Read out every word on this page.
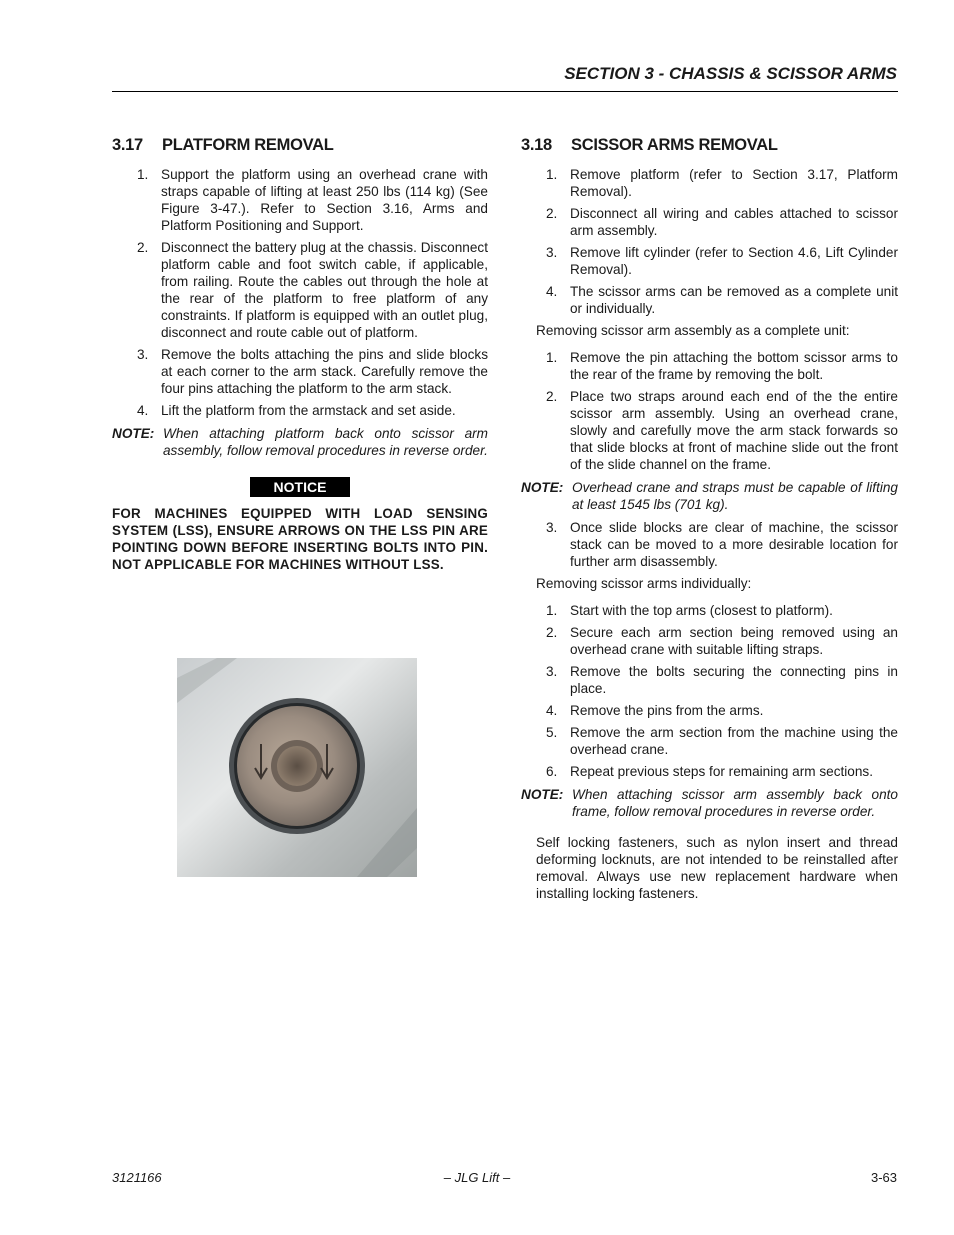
SECTION 3 - CHASSIS & SCISSOR ARMS
3.17 PLATFORM REMOVAL
1. Support the platform using an overhead crane with straps capable of lifting at least 250 lbs (114 kg) (See Figure 3-47.). Refer to Section 3.16, Arms and Platform Positioning and Support.
2. Disconnect the battery plug at the chassis. Disconnect platform cable and foot switch cable, if applicable, from railing. Route the cables out through the hole at the rear of the platform to free platform of any constraints. If platform is equipped with an outlet plug, disconnect and route cable out of platform.
3. Remove the bolts attaching the pins and slide blocks at each corner to the arm stack. Carefully remove the four pins attaching the platform to the arm stack.
4. Lift the platform from the armstack and set aside.
NOTE: When attaching platform back onto scissor arm assembly, follow removal procedures in reverse order.
NOTICE
FOR MACHINES EQUIPPED WITH LOAD SENSING SYSTEM (LSS), ENSURE ARROWS ON THE LSS PIN ARE POINTING DOWN BEFORE INSERTING BOLTS INTO PIN. NOT APPLICABLE FOR MACHINES WITHOUT LSS.
3.18 SCISSOR ARMS REMOVAL
1. Remove platform (refer to Section 3.17, Platform Removal).
2. Disconnect all wiring and cables attached to scissor arm assembly.
3. Remove lift cylinder (refer to Section 4.6, Lift Cylinder Removal).
4. The scissor arms can be removed as a complete unit or individually.
Removing scissor arm assembly as a complete unit:
1. Remove the pin attaching the bottom scissor arms to the rear of the frame by removing the bolt.
2. Place two straps around each end of the the entire scissor arm assembly. Using an overhead crane, slowly and carefully move the arm stack forwards so that slide blocks at front of machine slide out the front of the slide channel on the frame.
NOTE: Overhead crane and straps must be capable of lifting at least 1545 lbs (701 kg).
3. Once slide blocks are clear of machine, the scissor stack can be moved to a more desirable location for further arm disassembly.
Removing scissor arms individually:
1. Start with the top arms (closest to platform).
2. Secure each arm section being removed using an overhead crane with suitable lifting straps.
3. Remove the bolts securing the connecting pins in place.
4. Remove the pins from the arms.
5. Remove the arm section from the machine using the overhead crane.
6. Repeat previous steps for remaining arm sections.
NOTE: When attaching scissor arm assembly back onto frame, follow removal procedures in reverse order.
Self locking fasteners, such as nylon insert and thread deforming locknuts, are not intended to be reinstalled after removal. Always use new replacement hardware when installing locking fasteners.
3121166	– JLG Lift –	3-63
